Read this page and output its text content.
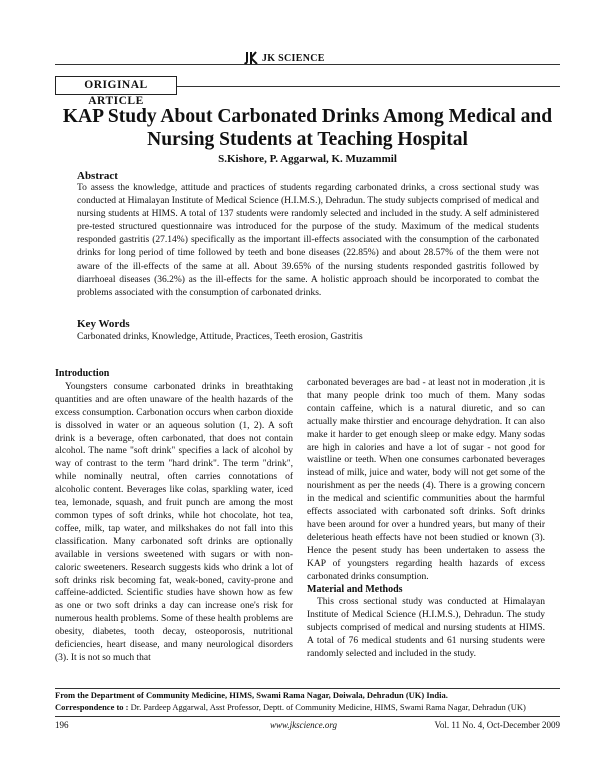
JK SCIENCE
ORIGINAL ARTICLE
KAP Study About Carbonated Drinks Among Medical and Nursing Students at Teaching Hospital
S.Kishore, P. Aggarwal, K. Muzammil
Abstract
To assess the knowledge, attitude and practices of students regarding carbonated drinks, a cross sectional study was conducted at Himalayan Institute of Medical Science (H.I.M.S.), Dehradun. The study subjects comprised of medical and nursing students at HIMS. A total of 137 students were randomly selected and included in the study. A self administered pre-tested structured questionnaire was introduced for the purpose of the study. Maximum of the medical students responded gastritis (27.14%) specifically as the important ill-effects associated with the consumption of the carbonated drinks for long period of time followed by teeth and bone diseases (22.85%) and about 28.57% of the them were not aware of the ill-effects of the same at all. About 39.65% of the nursing students responded gastritis followed by diarrhoeal diseases (36.2%) as the ill-effects for the same. A holistic approach should be incorporated to combat the problems associated with the consumption of carbonated drinks.
Key Words
Carbonated drinks, Knowledge, Attitude, Practices, Teeth erosion, Gastritis
Introduction

Youngsters consume carbonated drinks in breathtaking quantities and are often unaware of the health hazards of the excess consumption. Carbonation occurs when carbon dioxide is dissolved in water or an aqueous solution (1, 2). A soft drink is a beverage, often carbonated, that does not contain alcohol. The name "soft drink" specifies a lack of alcohol by way of contrast to the term "hard drink". The term "drink", while nominally neutral, often carries connotations of alcoholic content. Beverages like colas, sparkling water, iced tea, lemonade, squash, and fruit punch are among the most common types of soft drinks, while hot chocolate, hot tea, coffee, milk, tap water, and milkshakes do not fall into this classification. Many carbonated soft drinks are optionally available in versions sweetened with sugars or with non-caloric sweeteners. Research suggests kids who drink a lot of soft drinks risk becoming fat, weak-boned, cavity-prone and caffeine-addicted. Scientific studies have shown how as few as one or two soft drinks a day can increase one's risk for numerous health problems. Some of these health problems are obesity, diabetes, tooth decay, osteoporosis, nutritional deficiencies, heart disease, and many neurological disorders (3). It is not so much that

carbonated beverages are bad - at least not in moderation ,it is that many people drink too much of them. Many sodas contain caffeine, which is a natural diuretic, and so can actually make thirstier and encourage dehydration. It can also make it harder to get enough sleep or make edgy. Many sodas are high in calories and have a lot of sugar - not good for waistline or teeth. When one consumes carbonated beverages instead of milk, juice and water, body will not get some of the nourishment as per the needs (4). There is a growing concern in the medical and scientific communities about the harmful effects associated with carbonated soft drinks. Soft drinks have been around for over a hundred years, but many of their deleterious heath effects have not been studied or known (3). Hence the pesent study has been undertaken to assess the KAP of youngsters regarding health hazards of excess carbonated drinks consumption.

Material and Methods

This cross sectional study was conducted at Himalayan Institute of Medical Science (H.I.M.S.), Dehradun. The study subjects comprised of medical and nursing students at HIMS. A total of 76 medical students and 61 nursing students were randomly selected and included in the study.

From the Department of Community Medicine, HIMS, Swami Rama Nagar, Doiwala, Dehradun (UK) India.
Correspondence to : Dr. Pardeep Aggarwal, Asst Professor, Deptt. of Community Medicine, HIMS, Swami Rama Nagar, Dehradun (UK)
196	www.jkscience.org	Vol. 11 No. 4, Oct-December 2009
